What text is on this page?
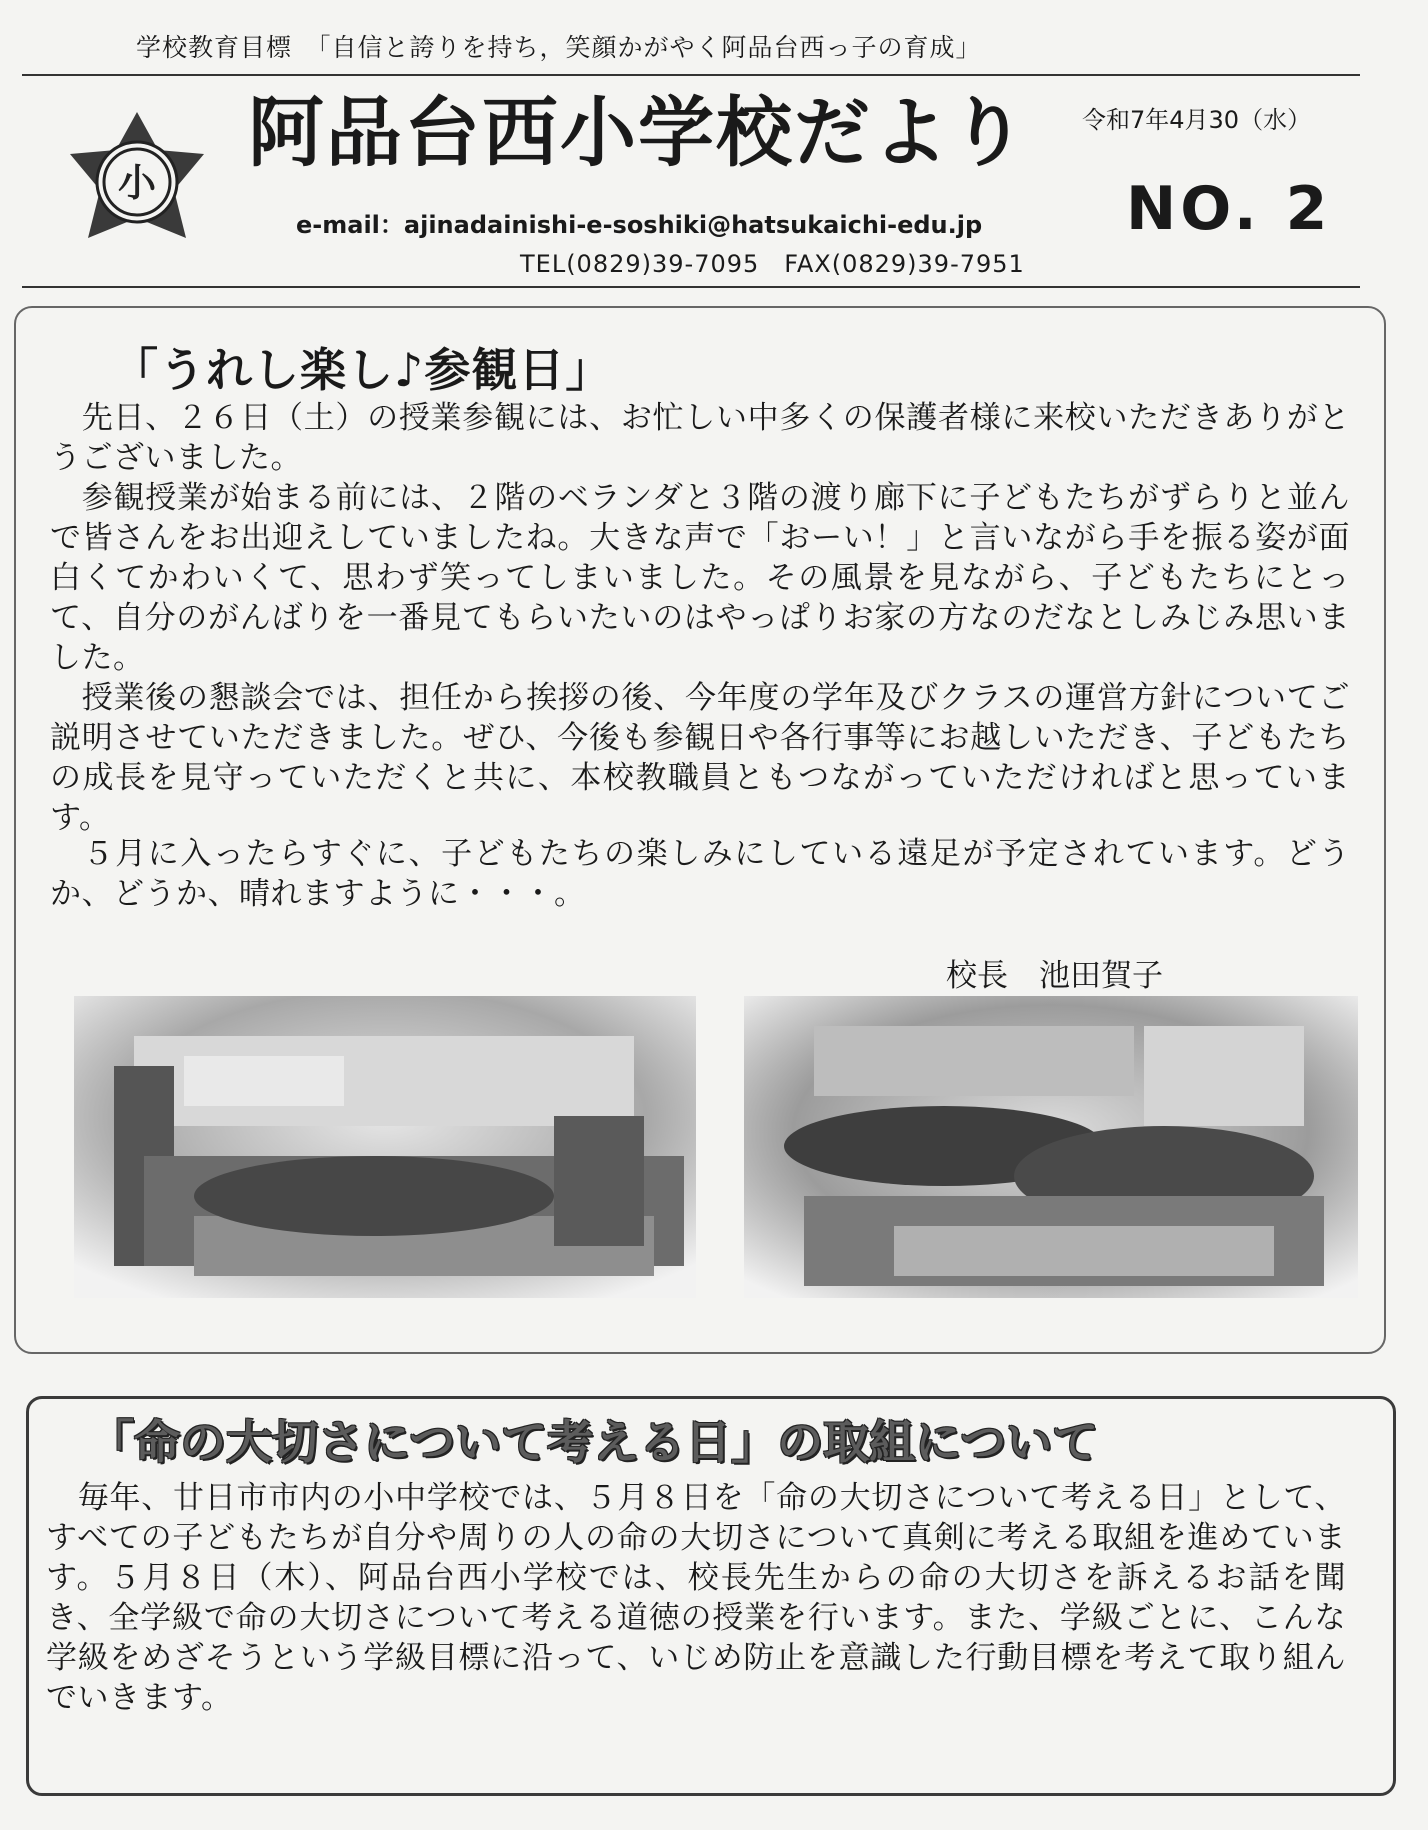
学校教育目標　「自信と誇りを持ち，笑顔かがやく阿品台西っ子の育成」
小
阿品台西小学校だより 令和7年4月30（水）
NO. 2
e-mail：ajinadainishi-e-soshiki@hatsukaichi-edu.jp
TEL(0829)39-7095　FAX(0829)39-7951
「うれし楽し♪参観日」

　先日、２６日（土）の授業参観には、お忙しい中多くの保護者様に来校いただきありがとうございました。

　参観授業が始まる前には、２階のベランダと３階の渡り廊下に子どもたちがずらりと並んで皆さんをお出迎えしていましたね。大きな声で「おーい！」と言いながら手を振る姿が面白くてかわいくて、思わず笑ってしまいました。その風景を見ながら、子どもたちにとって、自分のがんばりを一番見てもらいたいのはやっぱりお家の方なのだなとしみじみ思いました。

　授業後の懇談会では、担任から挨拶の後、今年度の学年及びクラスの運営方針についてご説明させていただきました。ぜひ、今後も参観日や各行事等にお越しいただき、子どもたちの成長を見守っていただくと共に、本校教職員ともつながっていただければと思っています。

　５月に入ったらすぐに、子どもたちの楽しみにしている遠足が予定されています。どうか、どうか、晴れますように・・・。

校長　池田賀子
「命の大切さについて考える日」の取組について

　毎年、廿日市市内の小中学校では、５月８日を「命の大切さについて考える日」として、すべての子どもたちが自分や周りの人の命の大切さについて真剣に考える取組を進めています。５月８日（木）、阿品台西小学校では、校長先生からの命の大切さを訴えるお話を聞き、全学級で命の大切さについて考える道徳の授業を行います。また、学級ごとに、こんな学級をめざそうという学級目標に沿って、いじめ防止を意識した行動目標を考えて取り組んでいきます。
